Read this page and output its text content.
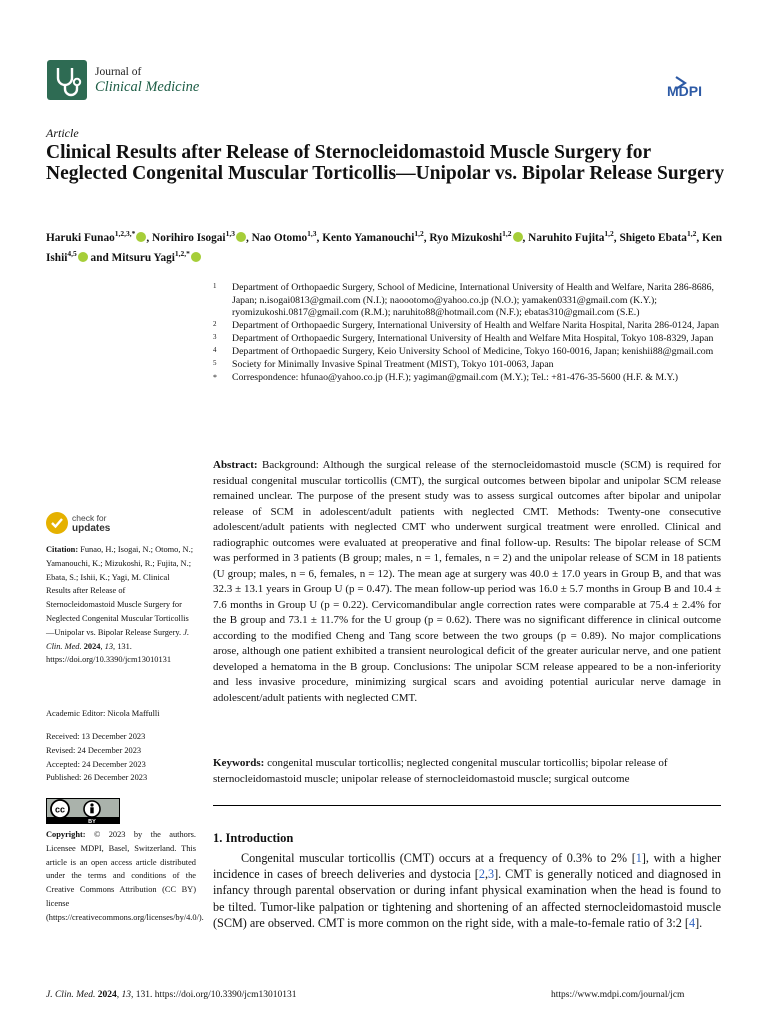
Journal of
Clinical Medicine	MDPI
Article
Clinical Results after Release of Sternocleidomastoid Muscle Surgery for Neglected Congenital Muscular Torticollis—Unipolar vs. Bipolar Release Surgery
Haruki Funao$^{1,2,3,*}$ , Norihiro Isogai$^{1,3}$ , Nao Otomo$^{1,3}$, Kento Yamanouchi$^{1,2}$, Ryo Mizukoshi$^{1,2}$ , Naruhito Fujita$^{1,2}$, Shigeto Ebata$^{1,2}$, Ken Ishii$^{4,5}$ and Mitsuru Yagi$^{1,2,*}$
1 Department of Orthopaedic Surgery, School of Medicine, International University of Health and Welfare, Narita 286-8686, Japan; n.isogai0813@gmail.com (N.I.); naoootomo@yahoo.co.jp (N.O.); yamaken0331@gmail.com (K.Y.); ryomizukoshi.0817@gmail.com (R.M.); naruhito88@hotmail.com (N.F.); ebatas310@gmail.com (S.E.)
2 Department of Orthopaedic Surgery, International University of Health and Welfare Narita Hospital, Narita 286-0124, Japan
3 Department of Orthopaedic Surgery, International University of Health and Welfare Mita Hospital, Tokyo 108-8329, Japan
4 Department of Orthopaedic Surgery, Keio University School of Medicine, Tokyo 160-0016, Japan; kenishii88@gmail.com
5 Society for Minimally Invasive Spinal Treatment (MIST), Tokyo 101-0063, Japan
* Correspondence: hfunao@yahoo.co.jp (H.F.); yagiman@gmail.com (M.Y.); Tel.: +81-476-35-5600 (H.F. & M.Y.)

Abstract: Background: Although the surgical release of the sternocleidomastoid muscle (SCM) is required for residual congenital muscular torticollis (CMT), the surgical outcomes between bipolar and unipolar SCM release remained unclear. The purpose of the present study was to assess surgical outcomes after bipolar and unipolar release of SCM in adolescent/adult patients with neglected CMT. Methods: Twenty-one consecutive adolescent/adult patients with neglected CMT who underwent surgical treatment were enrolled. Clinical and radiographic outcomes were evaluated at preoperative and final follow-up. Results: The bipolar release of SCM was performed in 3 patients (B group; males, n = 1, females, n = 2) and the unipolar release of SCM in 18 patients (U group; males, n = 6, females, n = 12). The mean age at surgery was 40.0 ± 17.0 years in Group B, and that was 32.3 ± 13.1 years in Group U (p = 0.47). The mean follow-up period was 16.0 ± 5.7 months in Group B and 10.4 ± 7.6 months in Group U (p = 0.22). Cervicomandibular angle correction rates were comparable at 75.4 ± 2.4% for the B group and 73.1 ± 11.7% for the U group (p = 0.62). There was no significant difference in clinical outcome according to the modified Cheng and Tang score between the two groups (p = 0.89). No major complications arose, although one patient exhibited a transient neurological deficit of the greater auricular nerve, and one patient developed a hematoma in the B group. Conclusions: The unipolar SCM release appeared to be a non-inferiority and less invasive procedure, minimizing surgical scars and avoiding potential auricular nerve damage in adolescent/adult patients with neglected CMT.

Keywords: congenital muscular torticollis; neglected congenital muscular torticollis; bipolar release of sternocleidomastoid muscle; unipolar release of sternocleidomastoid muscle; surgical outcome

1. Introduction

Congenital muscular torticollis (CMT) occurs at a frequency of 0.3% to 2% [1], with a higher incidence in cases of breech deliveries and dystocia [2,3]. CMT is generally noticed and diagnosed in infancy through parental observation or during infant physical examination when the head is found to be tilted. Tumor-like palpation or tightening and shortening of an affected sternocleidomastoid muscle (SCM) are observed. CMT is more common on the right side, with a male-to-female ratio of 3:2 [4].

check for
updates

Citation: Funao, H.; Isogai, N.; Otomo, N.; Yamanouchi, K.; Mizukoshi, R.; Fujita, N.; Ebata, S.; Ishii, K.; Yagi, M. Clinical Results after Release of Sternocleidomastoid Muscle Surgery for Neglected Congenital Muscular Torticollis—Unipolar vs. Bipolar Release Surgery. J. Clin. Med. 2024, 13, 131. https://doi.org/10.3390/jcm13010131

Academic Editor: Nicola Maffulli

Received: 13 December 2023
Revised: 24 December 2023
Accepted: 24 December 2023
Published: 26 December 2023
cc
BY

Copyright: © 2023 by the authors. Licensee MDPI, Basel, Switzerland. This article is an open access article distributed under the terms and conditions of the Creative Commons Attribution (CC BY) license (https://creativecommons.org/licenses/by/4.0/).

J. Clin. Med. 2024, 13, 131. https://doi.org/10.3390/jcm13010131	https://www.mdpi.com/journal/jcm
